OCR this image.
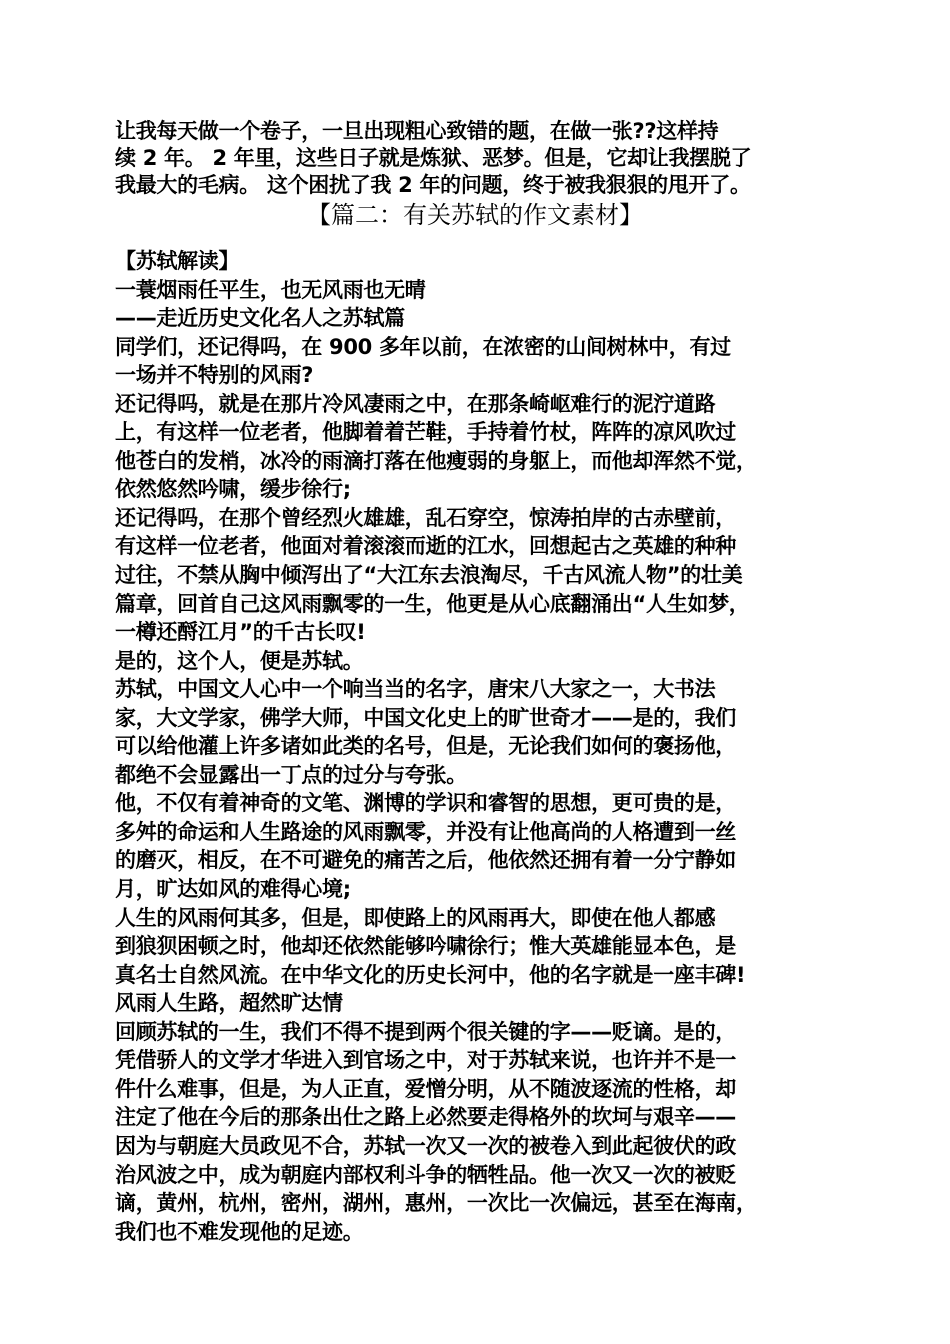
让我每天做一个卷子，一旦出现粗心致错的题，在做一张??这样持
续 2 年。 2 年里，这些日子就是炼狱、恶梦。但是，它却让我摆脱了
我最大的毛病。 这个困扰了我 2 年的问题，终于被我狠狠的甩开了。
【篇二：有关苏轼的作文素材】
【苏轼解读】
一蓑烟雨任平生，也无风雨也无晴
——走近历史文化名人之苏轼篇
同学们，还记得吗，在 900 多年以前，在浓密的山间树林中，有过
一场并不特别的风雨?
还记得吗，就是在那片冷风凄雨之中，在那条崎岖难行的泥泞道路
上，有这样一位老者，他脚着着芒鞋，手持着竹杖，阵阵的凉风吹过
他苍白的发梢，冰冷的雨滴打落在他瘦弱的身躯上，而他却浑然不觉，
依然悠然吟啸，缓步徐行;
还记得吗，在那个曾经烈火雄雄，乱石穿空，惊涛拍岸的古赤壁前，
有这样一位老者，他面对着滚滚而逝的江水，回想起古之英雄的种种
过往，不禁从胸中倾泻出了“大江东去浪淘尽，千古风流人物”的壮美
篇章，回首自己这风雨飘零的一生，他更是从心底翻涌出“人生如梦，
一樽还酹江月”的千古长叹!
是的，这个人，便是苏轼。
苏轼，中国文人心中一个响当当的名字，唐宋八大家之一，大书法
家，大文学家，佛学大师，中国文化史上的旷世奇才——是的，我们
可以给他灌上许多诸如此类的名号，但是，无论我们如何的褒扬他，
都绝不会显露出一丁点的过分与夸张。
他，不仅有着神奇的文笔、渊博的学识和睿智的思想，更可贵的是，
多舛的命运和人生路途的风雨飘零，并没有让他高尚的人格遭到一丝
的磨灭，相反，在不可避免的痛苦之后，他依然还拥有着一分宁静如
月，旷达如风的难得心境;
人生的风雨何其多，但是，即使路上的风雨再大，即使在他人都感
到狼狈困顿之时，他却还依然能够吟啸徐行；惟大英雄能显本色，是
真名士自然风流。在中华文化的历史长河中，他的名字就是一座丰碑!
风雨人生路，超然旷达情
回顾苏轼的一生，我们不得不提到两个很关键的字——贬谪。是的，
凭借骄人的文学才华进入到官场之中，对于苏轼来说，也许并不是一
件什么难事，但是，为人正直，爱憎分明，从不随波逐流的性格，却
注定了他在今后的那条出仕之路上必然要走得格外的坎坷与艰辛——
因为与朝庭大员政见不合，苏轼一次又一次的被卷入到此起彼伏的政
治风波之中，成为朝庭内部权利斗争的牺牲品。他一次又一次的被贬
谪，黄州，杭州，密州，湖州，惠州，一次比一次偏远，甚至在海南，
我们也不难发现他的足迹。
